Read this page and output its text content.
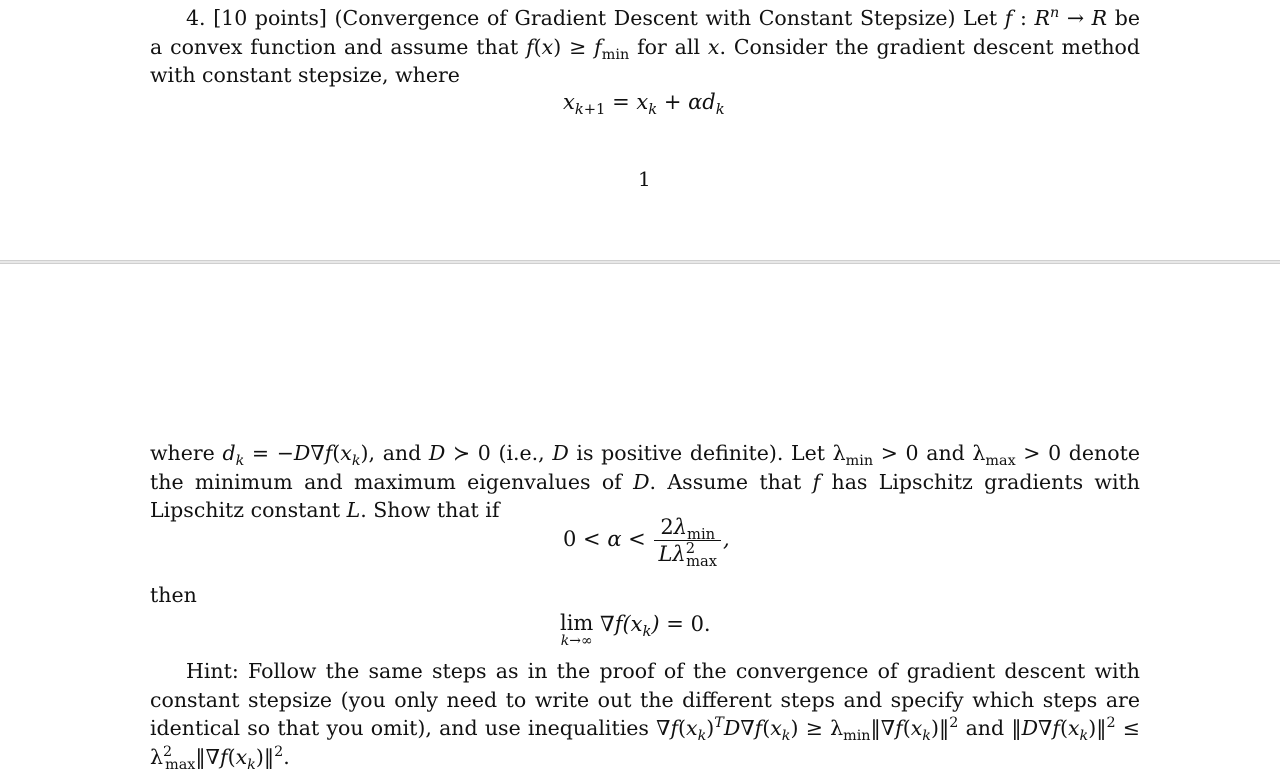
4. [10 points] (Convergence of Gradient Descent with Constant Stepsize) Let f : $R^n \to R$ be a convex function and assume that $f(x) \ge f_{min}$ for all x. Consider the gradient descent method with constant stepsize, where
$x_{k+1} = x_k + \alpha d_k$
1
where $d_k = -D\nabla f(x_k)$, and D ≻ 0 (i.e., D is positive definite). Let $\lambda_{min} > 0$ and $\lambda_{max} > 0$ denote the minimum and maximum eigenvalues of D. Assume that f has Lipschitz gradients with Lipschitz constant L. Show that if
$0 < \alpha < \frac{2\lambda_{min}}{L\lambda^2_{max}}$ ,
then
lim
k→∞
$\nabla f(x_k) = 0$.
Hint: Follow the same steps as in the proof of the convergence of gradient descent with constant stepsize (you only need to write out the different steps and specify which steps are identical so that you omit), and use inequalities $\nabla f(x_k)^TD\nabla f(x_k)$ ≥ $\lambda_{min}‖\nabla f(x_k)‖^2$ and $‖D\nabla f(x_k)‖^2$ ≤ $\lambda^2_{max}‖\nabla f(x_k)‖^2$.
